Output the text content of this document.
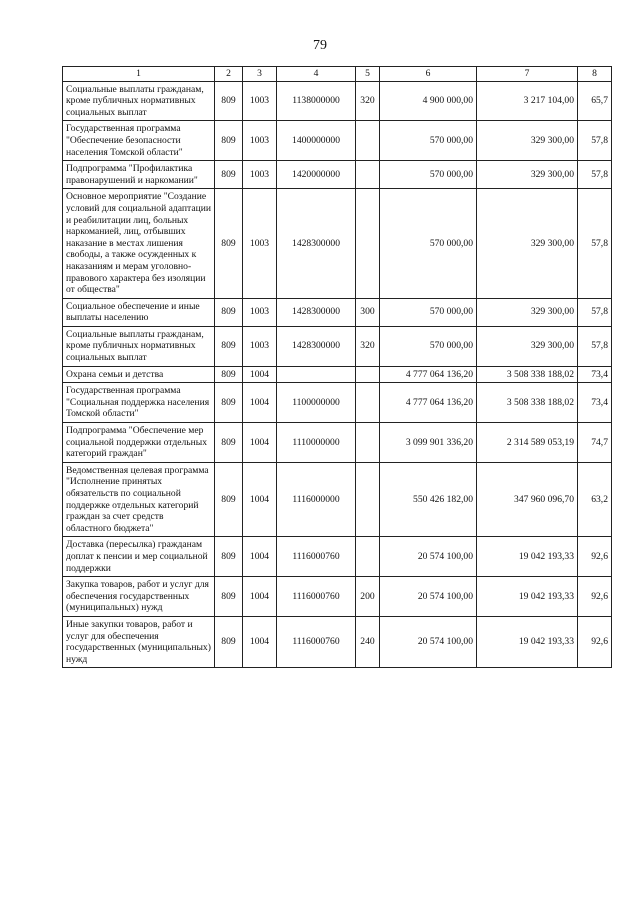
79
1	2	3	4	5	6	7	8
Социальные выплаты гражданам, кроме публичных нормативных социальных выплат	809	1003	1138000000	320	4 900 000,00	3 217 104,00	65,7
Государственная программа "Обеспечение безопасности населения Томской области"	809	1003	1400000000		570 000,00	329 300,00	57,8
Подпрограмма "Профилактика правонарушений и наркомании"	809	1003	1420000000		570 000,00	329 300,00	57,8
Основное мероприятие "Создание условий для социальной адаптации и реабилитации лиц, больных наркоманией, лиц, отбывших наказание в местах лишения свободы, а также осужденных к наказаниям и мерам уголовно-правового характера без изоляции от общества"	809	1003	1428300000		570 000,00	329 300,00	57,8
Социальное обеспечение и иные выплаты населению	809	1003	1428300000	300	570 000,00	329 300,00	57,8
Социальные выплаты гражданам, кроме публичных нормативных социальных выплат	809	1003	1428300000	320	570 000,00	329 300,00	57,8
Охрана семьи и детства	809	1004			4 777 064 136,20	3 508 338 188,02	73,4
Государственная программа "Социальная поддержка населения Томской области"	809	1004	1100000000		4 777 064 136,20	3 508 338 188,02	73,4
Подпрограмма "Обеспечение мер социальной поддержки отдельных категорий граждан"	809	1004	1110000000		3 099 901 336,20	2 314 589 053,19	74,7
Ведомственная целевая программа "Исполнение принятых обязательств по социальной поддержке отдельных категорий граждан за счет средств областного бюджета"	809	1004	1116000000		550 426 182,00	347 960 096,70	63,2
Доставка (пересылка) гражданам доплат к пенсии и мер социальной поддержки	809	1004	1116000760		20 574 100,00	19 042 193,33	92,6
Закупка товаров, работ и услуг для обеспечения государственных (муниципальных) нужд	809	1004	1116000760	200	20 574 100,00	19 042 193,33	92,6
Иные закупки товаров, работ и услуг для обеспечения государственных (муниципальных) нужд	809	1004	1116000760	240	20 574 100,00	19 042 193,33	92,6
